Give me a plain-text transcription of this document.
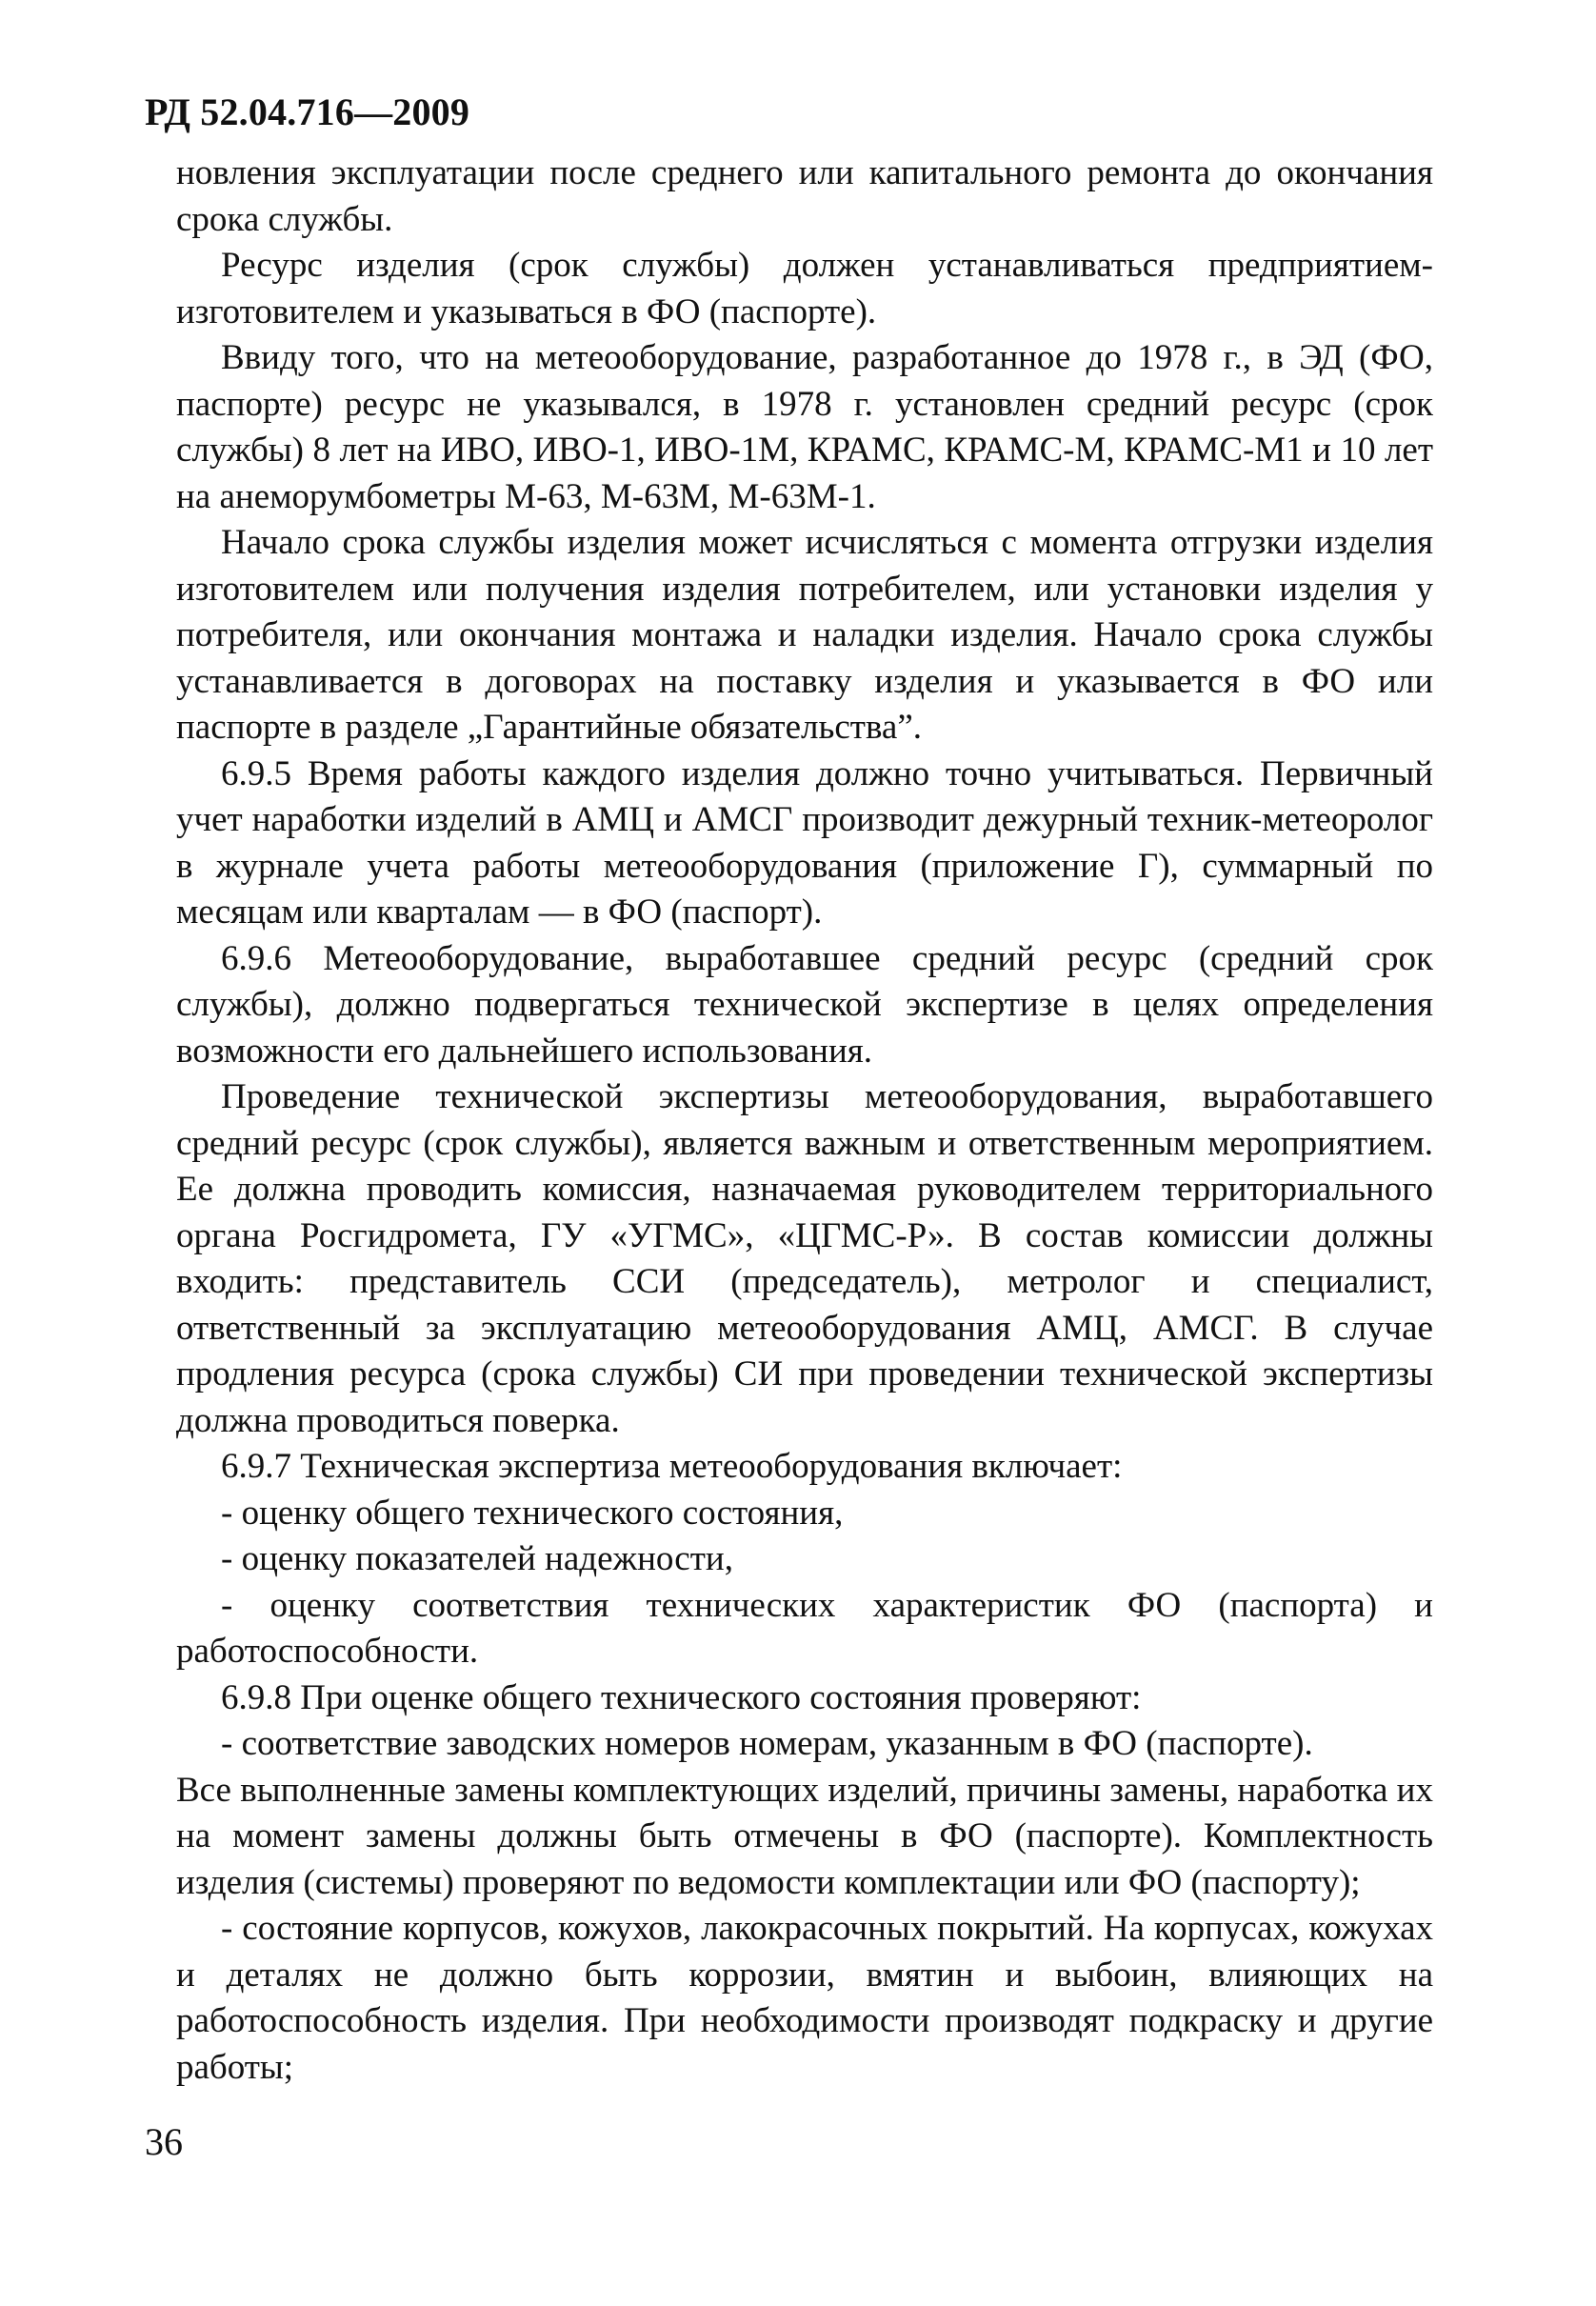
РД 52.04.716—2009

новления эксплуатации после среднего или капитального ремонта до окончания срока службы.

Ресурс изделия (срок службы) должен устанавливаться предприятием-изготовителем и указываться в ФО (паспорте).

Ввиду того, что на метеооборудование, разработанное до 1978 г., в ЭД (ФО, паспорте) ресурс не указывался, в 1978 г. установлен средний ресурс (срок службы) 8 лет на ИВО, ИВО-1, ИВО-1М, КРАМС, КРАМС-М, КРАМС-М1 и 10 лет на анеморумбометры М-63, М-63М, М-63М-1.

Начало срока службы изделия может исчисляться с момента отгрузки изделия изготовителем или получения изделия потребителем, или установки изделия у потребителя, или окончания монтажа и наладки изделия. Начало срока службы устанавливается в договорах на поставку изделия и указывается в ФО или паспорте в разделе „Гарантийные обязательства”.

6.9.5 Время работы каждого изделия должно точно учитываться. Первичный учет наработки изделий в АМЦ и АМСГ производит дежурный техник-метеоролог в журнале учета работы метеооборудования (приложение Г), суммарный по месяцам или кварталам — в ФО (паспорт).

6.9.6 Метеооборудование, выработавшее средний ресурс (средний срок службы), должно подвергаться технической экспертизе в целях определения возможности его дальнейшего использования.

Проведение технической экспертизы метеооборудования, выработавшего средний ресурс (срок службы), является важным и ответственным мероприятием. Ее должна проводить комиссия, назначаемая руководителем территориального органа Росгидромета, ГУ «УГМС», «ЦГМС-Р». В состав комиссии должны входить: представитель ССИ (председатель), метролог и специалист, ответственный за эксплуатацию метеооборудования АМЦ, АМСГ. В случае продления ресурса (срока службы) СИ при проведении технической экспертизы должна проводиться поверка.

6.9.7 Техническая экспертиза метеооборудования включает:

- оценку общего технического состояния,

- оценку показателей надежности,

- оценку соответствия технических характеристик ФО (паспорта) и работоспособности.

6.9.8 При оценке общего технического состояния проверяют:

- соответствие заводских номеров номерам, указанным в ФО (паспорте).

Все выполненные замены комплектующих изделий, причины замены, наработка их на момент замены должны быть отмечены в ФО (паспорте). Комплектность изделия (системы) проверяют по ведомости комплектации или ФО (паспорту);

- состояние корпусов, кожухов, лакокрасочных покрытий. На корпусах, кожухах и деталях не должно быть коррозии, вмятин и выбоин, влияющих на работоспособность изделия. При необходимости производят подкраску и другие работы;

36
